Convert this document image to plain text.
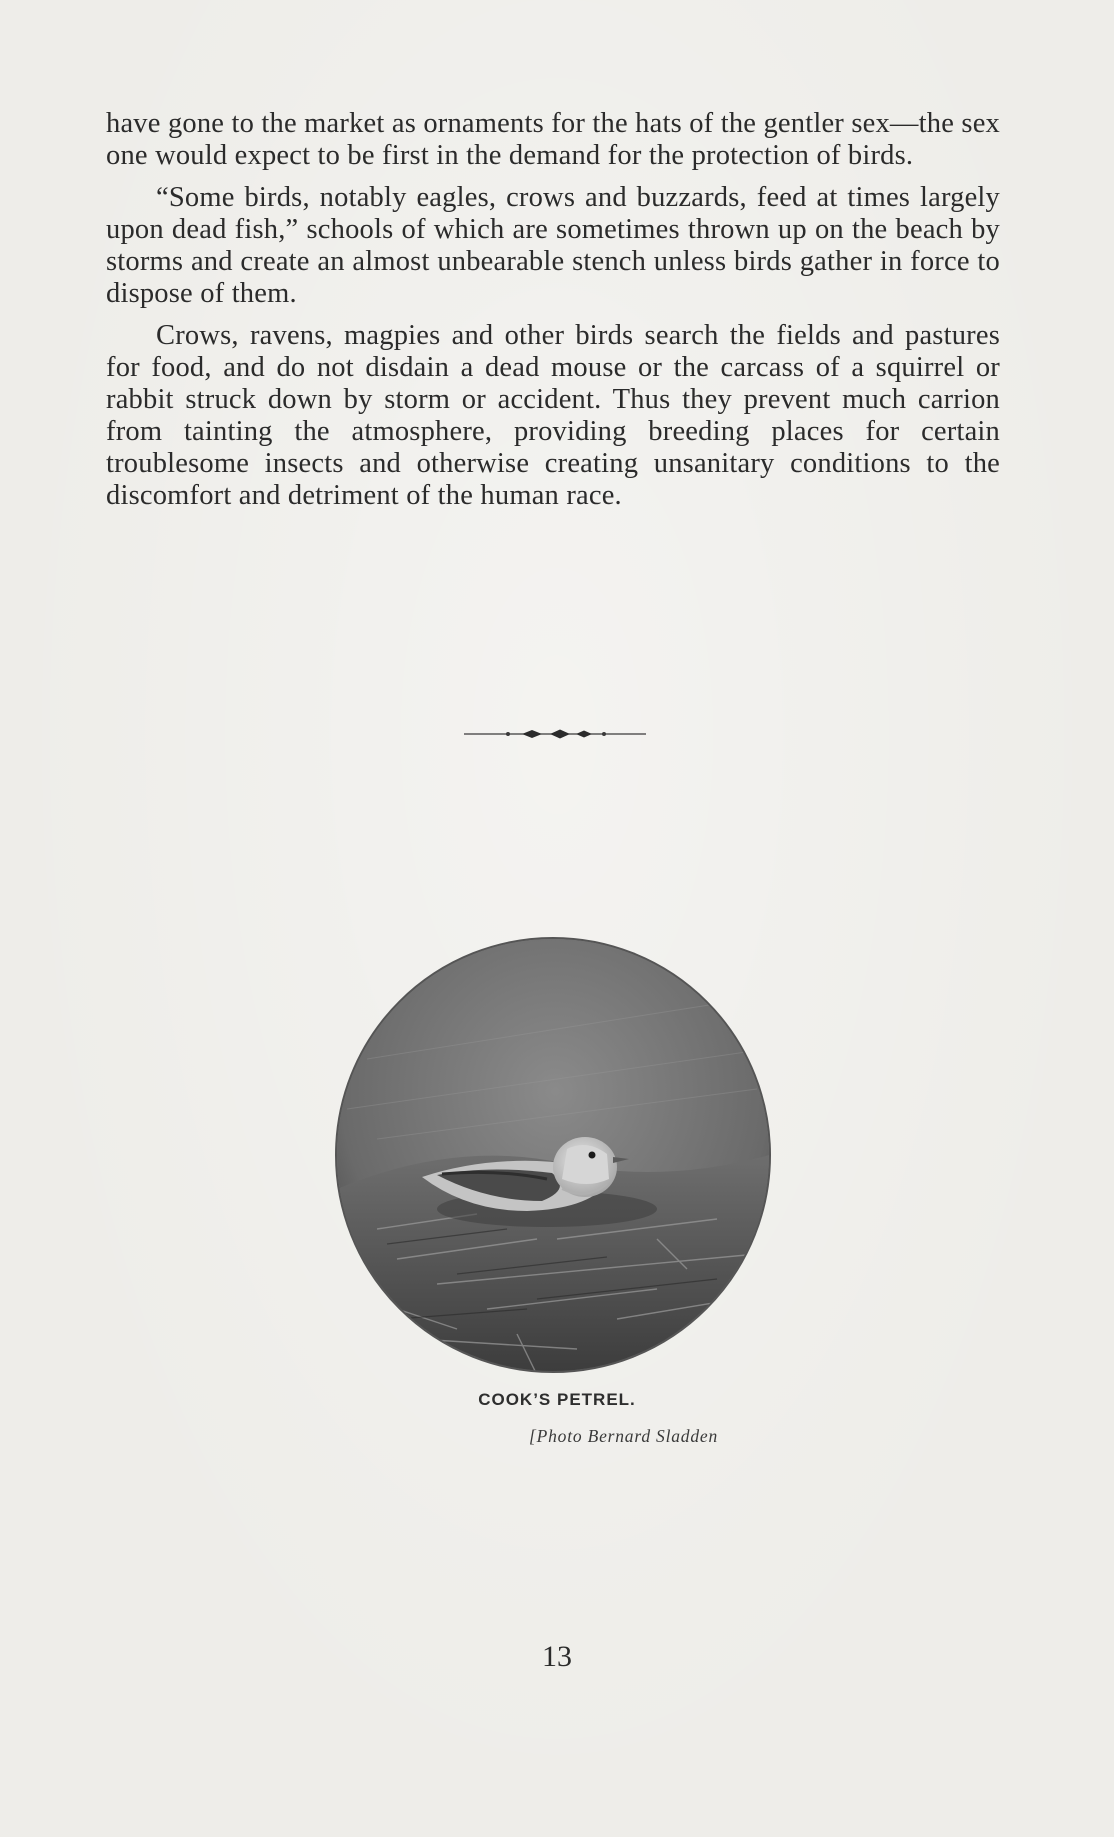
have gone to the market as ornaments for the hats of the gentler sex—the sex one would expect to be first in the demand for the protection of birds.

“Some birds, notably eagles, crows and buzzards, feed at times largely upon dead fish,” schools of which are sometimes thrown up on the beach by storms and create an almost unbearable stench unless birds gather in force to dispose of them.

Crows, ravens, magpies and other birds search the fields and pastures for food, and do not disdain a dead mouse or the carcass of a squirrel or rabbit struck down by storm or accident. Thus they prevent much carrion from tainting the atmosphere, providing breeding places for certain troublesome insects and otherwise creating unsanitary conditions to the discomfort and detriment of the human race.

COOK’S PETREL.
[Photo Bernard Sladden
13
